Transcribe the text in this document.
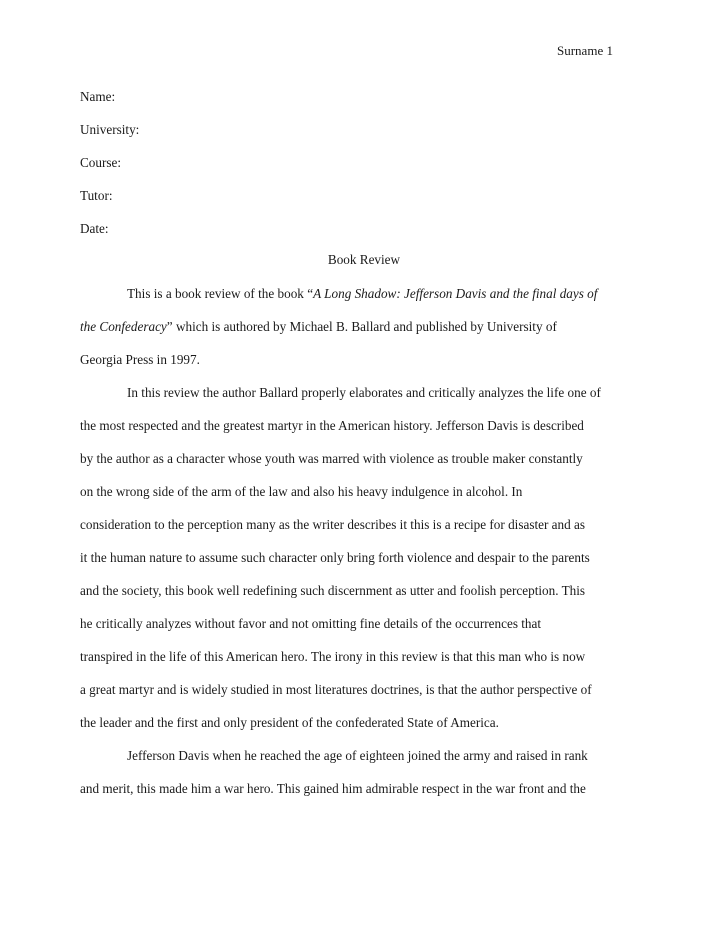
Surname 1
Name:
University:
Course:
Tutor:
Date:
Book Review
This is a book review of the book “A Long Shadow: Jefferson Davis and the final days of
the Confederacy” which is authored by Michael B. Ballard and published by University of
Georgia Press in 1997.
In this review the author Ballard properly elaborates and critically analyzes the life one of
the most respected and the greatest martyr in the American history. Jefferson Davis is described
by the author as a character whose youth was marred with violence as trouble maker constantly
on the wrong side of the arm of the law and also his heavy indulgence in alcohol. In
consideration to the perception many as the writer describes it this is a recipe for disaster and as
it the human nature to assume such character only bring forth violence and despair to the parents
and the society, this book well redefining such discernment as utter and foolish perception. This
he critically analyzes without favor and not omitting fine details of the occurrences that
transpired in the life of this American hero. The irony in this review is that this man who is now
a great martyr and is widely studied in most literatures doctrines, is that the author perspective of
the leader and the first and only president of the confederated State of America.
Jefferson Davis when he reached the age of eighteen joined the army and raised in rank
and merit, this made him a war hero. This gained him admirable respect in the war front and the
